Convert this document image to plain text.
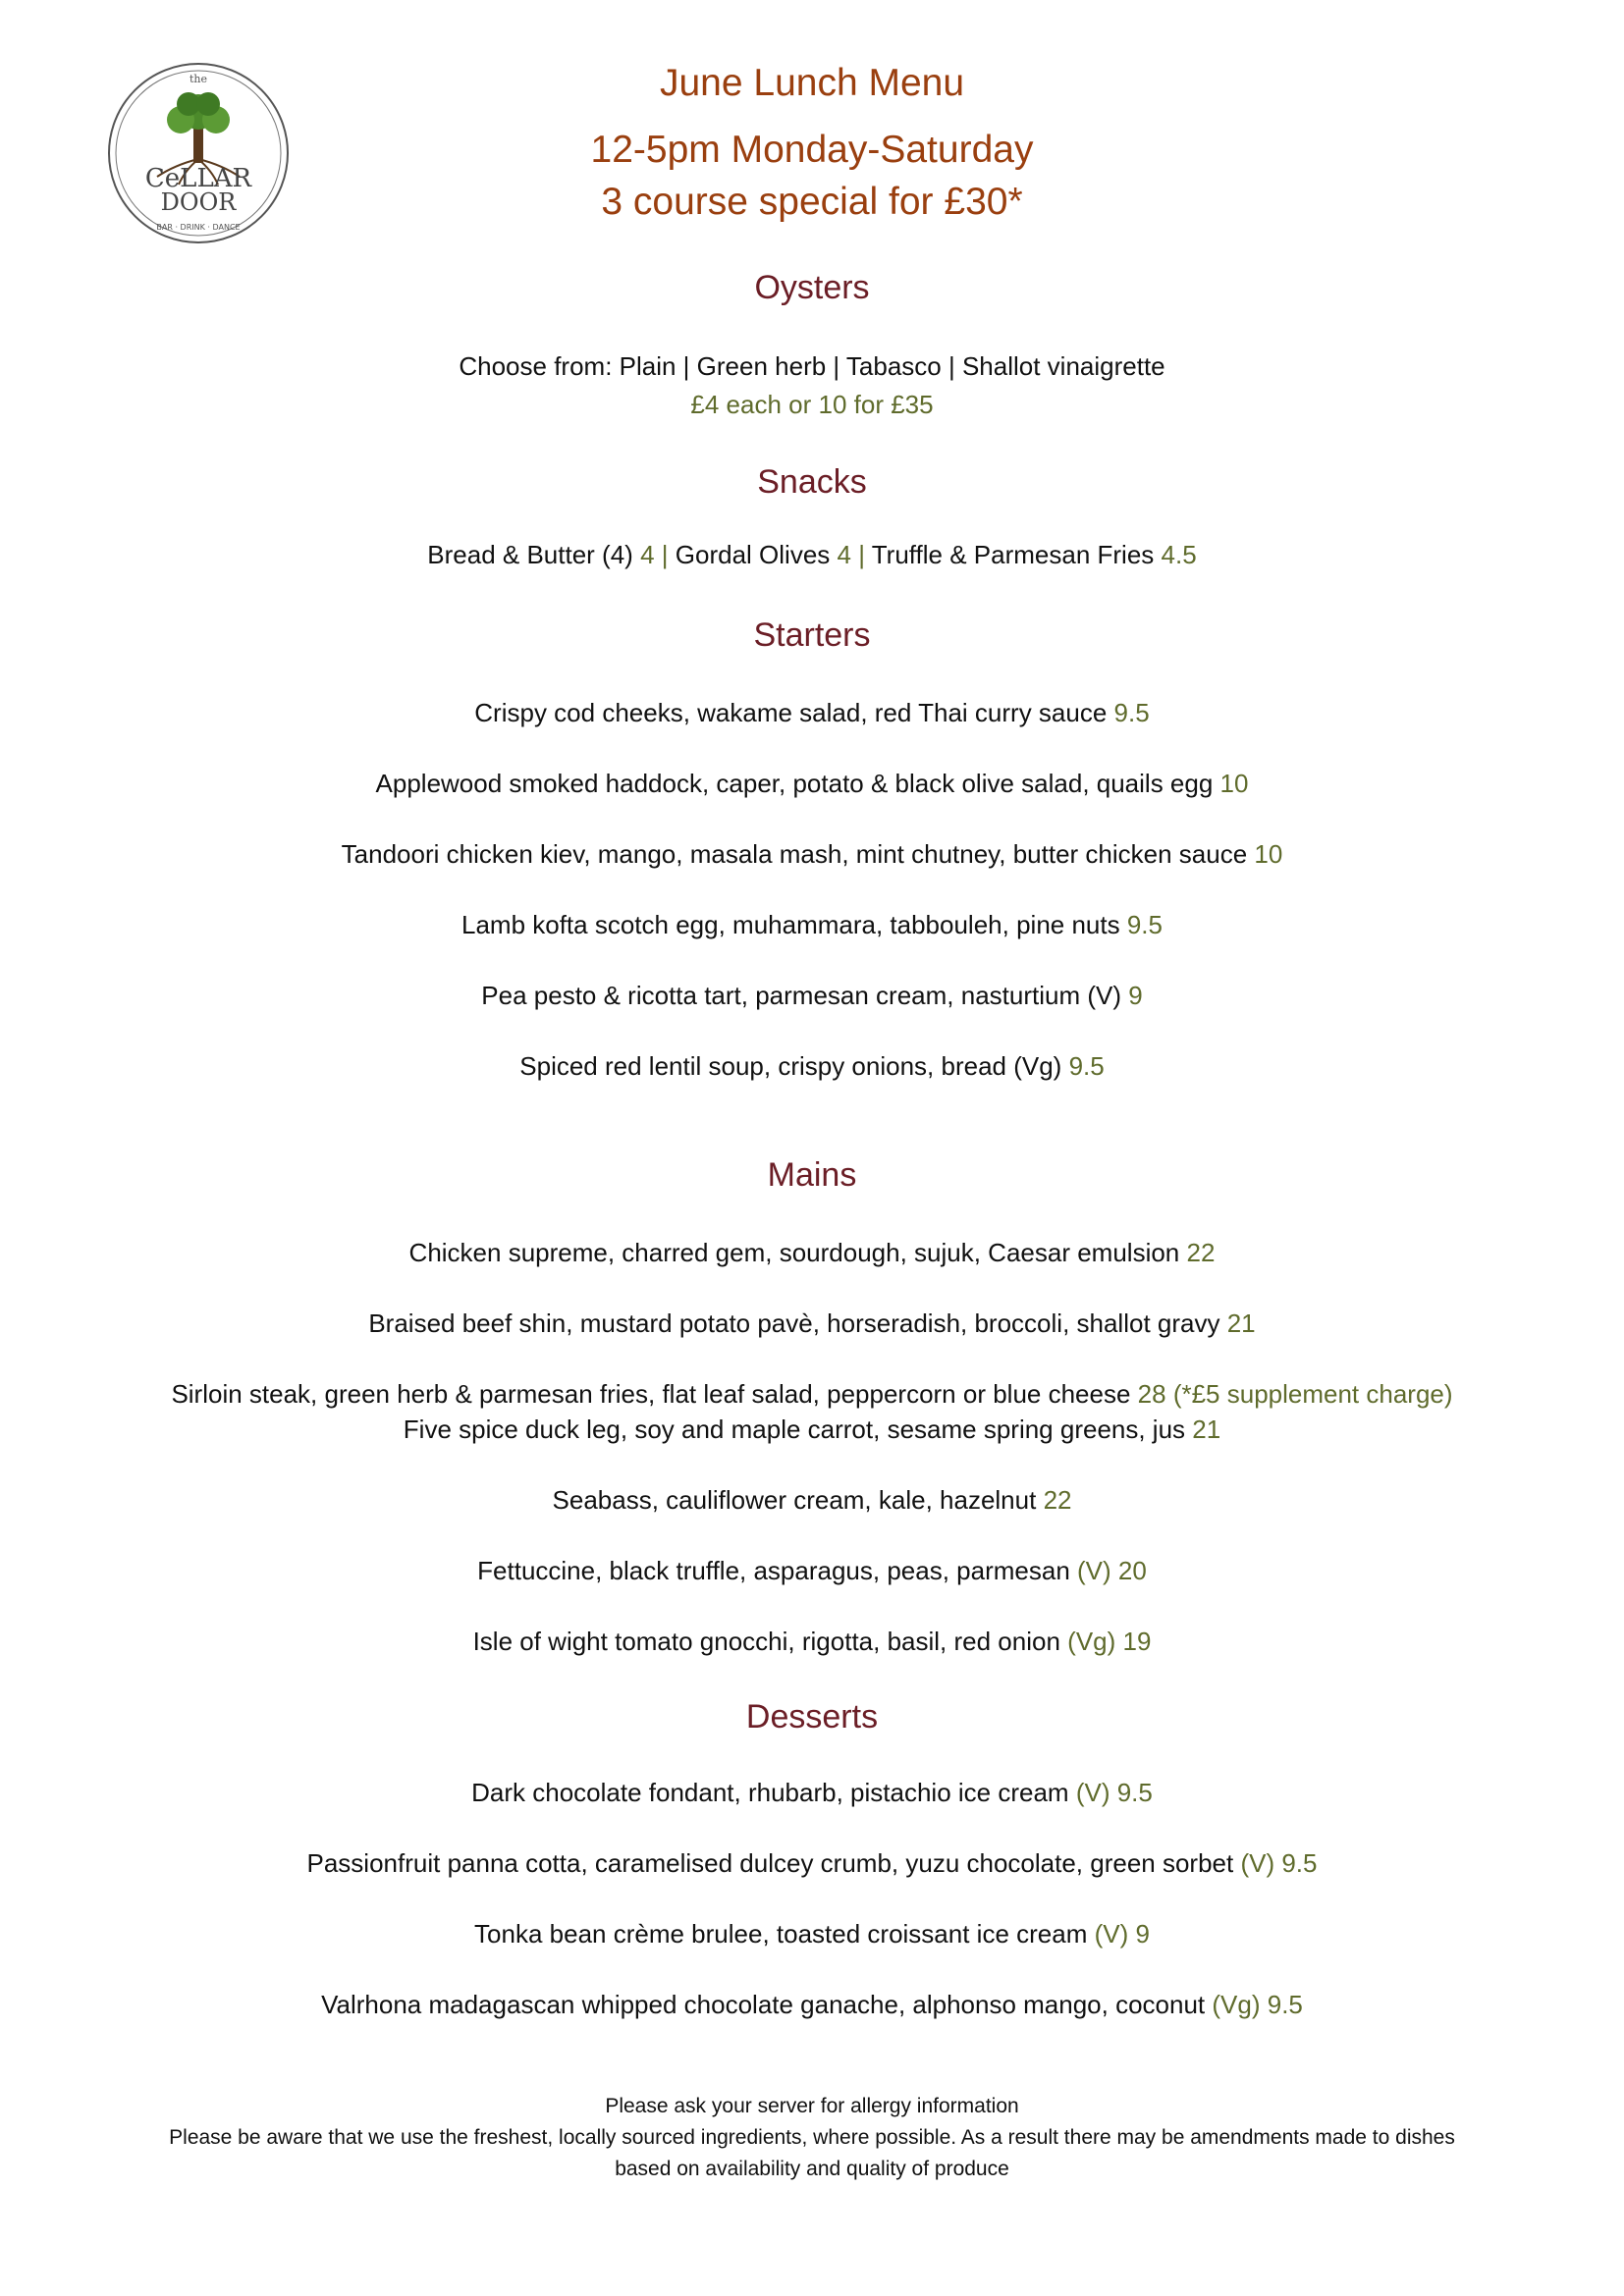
the
CeLLAR
DOOR
BAR · DRINK · DANCE
June Lunch Menu
12-5pm Monday-Saturday
3 course special for £30*
Oysters
Choose from: Plain | Green herb | Tabasco | Shallot vinaigrette
£4 each or 10 for £35
Snacks
Bread & Butter (4) 4 | Gordal Olives 4 | Truffle & Parmesan Fries 4.5
Starters
Crispy cod cheeks, wakame salad, red Thai curry sauce 9.5
Applewood smoked haddock, caper, potato & black olive salad, quails egg 10
Tandoori chicken kiev, mango, masala mash, mint chutney, butter chicken sauce 10
Lamb kofta scotch egg, muhammara, tabbouleh, pine nuts 9.5
Pea pesto & ricotta tart, parmesan cream, nasturtium (V) 9
Spiced red lentil soup, crispy onions, bread (Vg) 9.5
Mains
Chicken supreme, charred gem, sourdough, sujuk, Caesar emulsion 22
Braised beef shin, mustard potato pavè, horseradish, broccoli, shallot gravy 21
Sirloin steak, green herb & parmesan fries, flat leaf salad, peppercorn or blue cheese 28 (*£5 supplement charge)
Five spice duck leg, soy and maple carrot, sesame spring greens, jus 21
Seabass, cauliflower cream, kale, hazelnut 22
Fettuccine, black truffle, asparagus, peas, parmesan (V) 20
Isle of wight tomato gnocchi, rigotta, basil, red onion (Vg) 19
Desserts
Dark chocolate fondant, rhubarb, pistachio ice cream (V) 9.5
Passionfruit panna cotta, caramelised dulcey crumb, yuzu chocolate, green sorbet (V) 9.5
Tonka bean crème brulee, toasted croissant ice cream (V) 9
Valrhona madagascan whipped chocolate ganache, alphonso mango, coconut (Vg) 9.5
Please ask your server for allergy information
Please be aware that we use the freshest, locally sourced ingredients, where possible. As a result there may be amendments made to dishes
based on availability and quality of produce
